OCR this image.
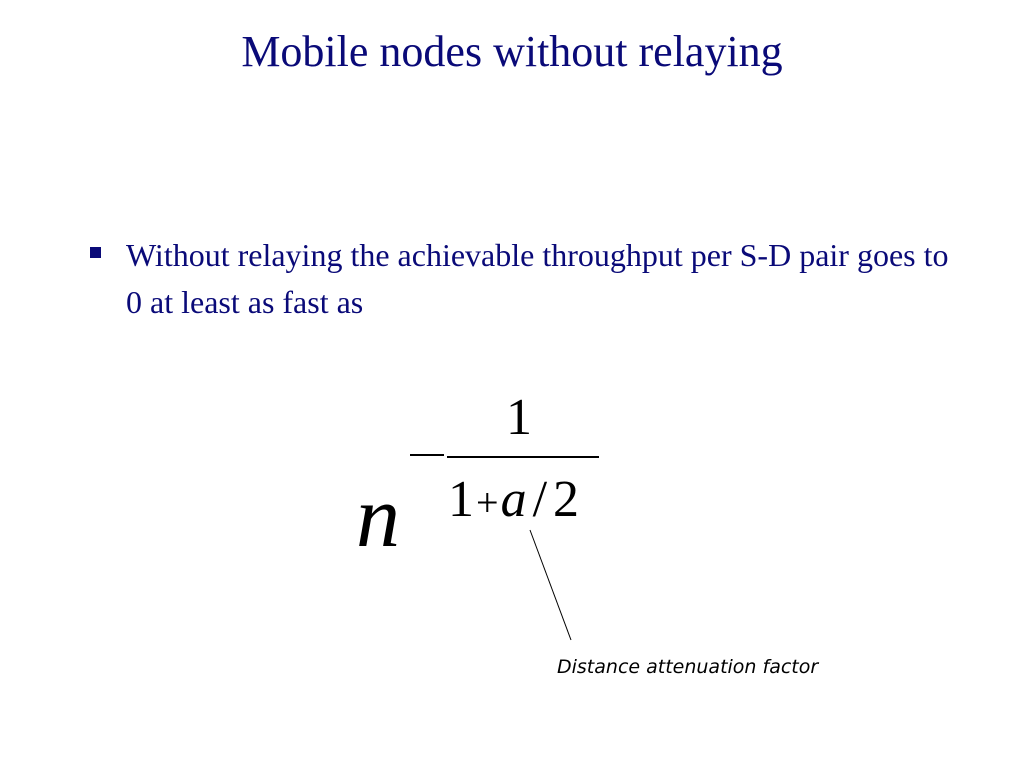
Mobile nodes without relaying
Without relaying the achievable throughput per S-D pair goes to 0 at least as fast as
n
1
1+a / 2
Distance attenuation factor
